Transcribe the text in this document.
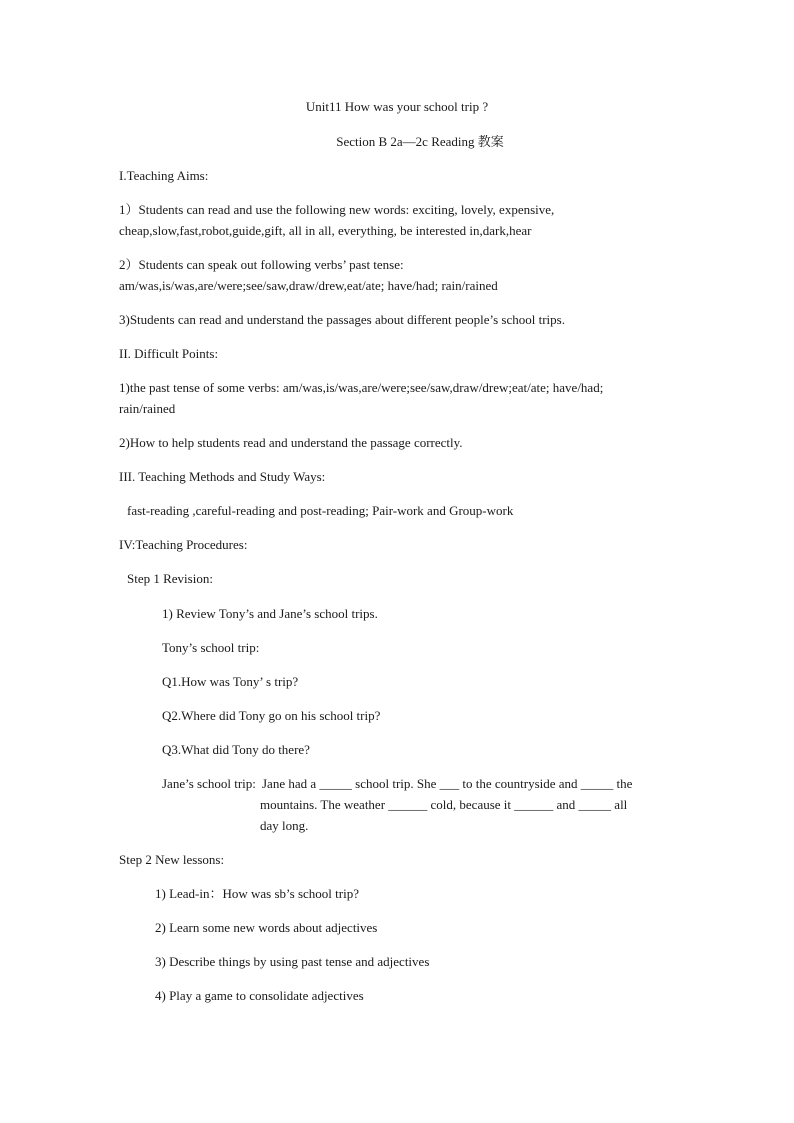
Unit11 How was your school trip ?
Section B 2a—2c Reading 教案
I.Teaching Aims:
1）Students can read and use the following new words: exciting, lovely, expensive,
cheap,slow,fast,robot,guide,gift, all in all, everything, be interested in,dark,hear
2）Students can speak out following verbs’ past tense:
am/was,is/was,are/were;see/saw,draw/drew,eat/ate; have/had; rain/rained
3)Students can read and understand the passages about different people’s school trips.
II. Difficult Points:
1)the past tense of some verbs: am/was,is/was,are/were;see/saw,draw/drew;eat/ate; have/had;
rain/rained
2)How to help students read and understand the passage correctly.
III. Teaching Methods and Study Ways:
fast-reading ,careful-reading and post-reading; Pair-work and Group-work
IV:Teaching Procedures:
Step 1 Revision:
1) Review Tony’s and Jane’s school trips.
Tony’s school trip:
Q1.How was Tony’ s trip?
Q2.Where did Tony go on his school trip?
Q3.What did Tony do there?
Jane’s school trip: Jane had a _____ school trip. She ___ to the countryside and _____ the
mountains. The weather ______ cold, because it ______ and _____ all
day long.
Step 2 New lessons:
1) Lead-in：How was sb’s school trip?
2) Learn some new words about adjectives
3) Describe things by using past tense and adjectives
4) Play a game to consolidate adjectives
